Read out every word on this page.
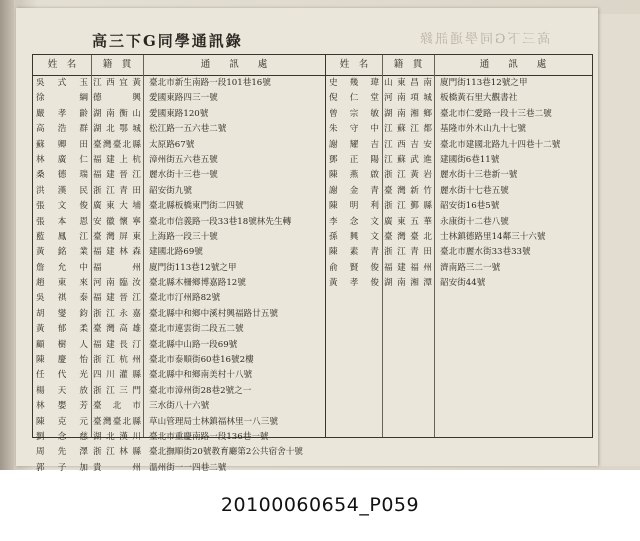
高三下G同學通訊錄
高三下G同學通訊錄
姓　名	籍　貫	通　　訊　　處
吳式玉 江西宜黃 臺北市新生南路一段101巷16號
徐綱 德興 愛國東路四三一號
嚴孝齡 湖南衡山 愛國東路120號
高浩群 湖北鄂城 松江路一五六巷二號
蘇卿田 臺灣臺北縣 太原路67號
林廣仁 福建上杭 漳州街五六巷五號
桑德瑞 福建晉江 麗水街十三巷一號
洪漢民 浙江青田 韶安街九號
張文俊 廣東大埔 臺北縣板橋東門街二四號
張本恩 安徽懷寧 臺北市信義路一段33巷18號林先生轉
藍鳳江 臺灣屏東 上海路一段三十號
黃銘業 福建林森 建國北路69號
詹允中 福州 廈門街113巷12號之甲
趙東來 河南臨汝 臺北縣木柵鄉博嘉路12號
吳祺泰 福建晉江 臺北市汀州路82號
胡燮鈞 浙江永嘉 臺北縣中和鄉中溪村興福路廿五號
黃郁柔 臺灣高雄 臺北市連雲街二段五二號
顧樹人 福建長汀 臺北縣中山路一段69號
陳慶怡 浙江杭州 臺北市泰順街60巷16號2樓
任代光 四川灌縣 臺北縣中和鄉南美村十八號
楊天放 浙江三門 臺北市漳州街28巷2號之一
林嬰芳 臺北市 三水街八十六號
陳克元 臺灣臺北縣 草山管理局士林鎮福林里一八三號
劉念慈 湖北漢川 臺北市重慶南路一段136巷一號
周先澤 浙江林縣 臺北撫順街20號教育廳第2公共宿舍十號
郭子加 貴州 溫州街一一四巷二號
姓　名	籍　貫	通　　訊　　處
史幾瑋 山東昌南 廈門街113巷12號之甲
倪仁堂 河南項城 板橋黃石里大觀書社
曾宗敏 湖南湘鄉 臺北市仁愛路一段十三巷二號
朱守中 江蘇江都 基隆市外木山九十七號
謝耀吉 江西吉安 臺北市建國北路九十四巷十二號
鄧正陽 江蘇武進 建國街6巷11號
陳燕啟 浙江黃岩 麗水街十三巷新一號
謝金青 臺灣新竹 麗水街十七巷五號
陳明利 浙江鄞縣 韶安街16巷5號
李念文 廣東五華 永康街十二巷八號
孫興文 臺灣臺北 士林鎮德路里14鄰三十六號
陳素青 浙江青田 臺北市麗水街33巷33號
俞賢俊 福建福州 濟南路三二一號
黃孝俊 湖南湘潭 韶安街44號
20100060654_P059
